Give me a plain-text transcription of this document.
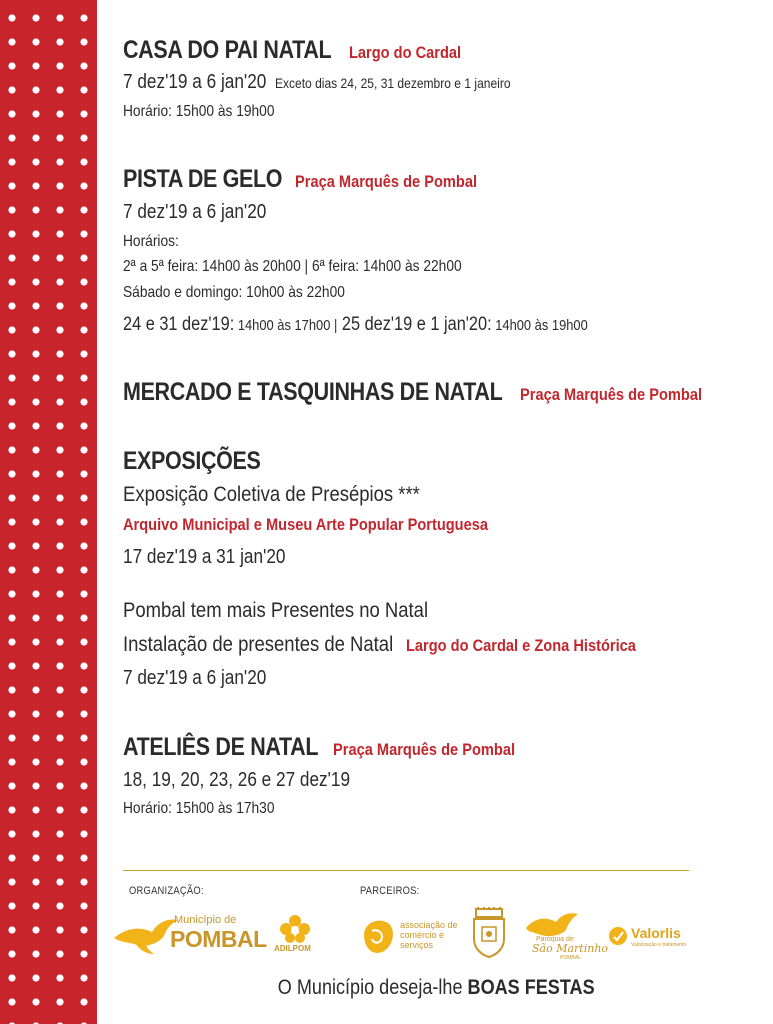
CASA DO PAI NATAL Largo do Cardal
7 dez'19 a 6 jan'20 Exceto dias 24, 25, 31 dezembro e 1 janeiro
Horário: 15h00 às 19h00
PISTA DE GELO Praça Marquês de Pombal
7 dez'19 a 6 jan'20
Horários:
2ª a 5ª feira: 14h00 às 20h00 | 6ª feira: 14h00 às 22h00
Sábado e domingo: 10h00 às 22h00
24 e 31 dez'19: 14h00 às 17h00 | 25 dez'19 e 1 jan'20: 14h00 às 19h00
MERCADO E TASQUINHAS DE NATAL Praça Marquês de Pombal
EXPOSIÇÕES
Exposição Coletiva de Presépios ***
Arquivo Municipal e Museu Arte Popular Portuguesa
17 dez'19 a 31 jan'20
Pombal tem mais Presentes no Natal
Instalação de presentes de Natal Largo do Cardal e Zona Histórica
7 dez'19 a 6 jan'20
ATELIÊS DE NATAL Praça Marquês de Pombal
18, 19, 20, 23, 26 e 27 dez'19
Horário: 15h00 às 17h30
ORGANIZAÇÃO:	PARCEIROS:
Município de
POMBAL ADILPOM
associação de
comércio e
serviços
Paróquia de
São Martinho
POMBAL
Valorlis
Valorização e tratamento
O Município deseja-lhe BOAS FESTAS
